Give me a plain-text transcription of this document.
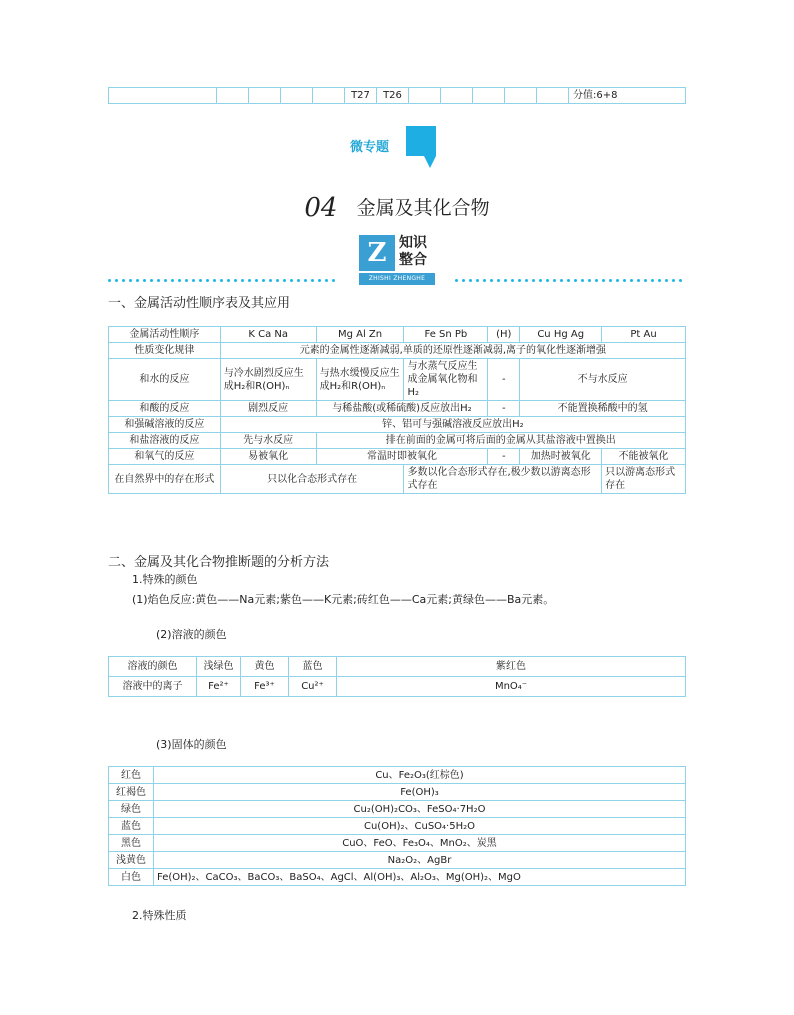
					T27	T26						分值:6+8
微专题
04 金属及其化合物
Z 知识
整合
ZHISHI ZHENGHE
一、金属活动性顺序表及其应用
金属活动性顺序	K Ca Na	Mg Al Zn	Fe Sn Pb	(H)	Cu Hg Ag	Pt Au
性质变化规律	元素的金属性逐渐减弱,单质的还原性逐渐减弱,离子的氧化性逐渐增强					
和水的反应	与冷水剧烈反应生成H₂和R(OH)ₙ	与热水缓慢反应生成H₂和R(OH)ₙ	与水蒸气反应生成金属氧化物和H₂	-	不与水反应	
和酸的反应	剧烈反应	与稀盐酸(或稀硫酸)反应放出H₂		-	不能置换稀酸中的氢	
和强碱溶液的反应	锌、铝可与强碱溶液反应放出H₂					
和盐溶液的反应	先与水反应	排在前面的金属可将后面的金属从其盐溶液中置换出				
和氧气的反应	易被氧化	常温时即被氧化		-	加热时被氧化	不能被氧化
在自然界中的存在形式	只以化合态形式存在		多数以化合态形式存在,极少数以游离态形式存在			只以游离态形式存在
二、金属及其化合物推断题的分析方法
1.特殊的颜色
(1)焰色反应:黄色——Na元素;紫色——K元素;砖红色——Ca元素;黄绿色——Ba元素。
(2)溶液的颜色
溶液的颜色	浅绿色	黄色	蓝色	紫红色
溶液中的离子	Fe²⁺	Fe³⁺	Cu²⁺	MnO₄⁻
(3)固体的颜色
红色	Cu、Fe₂O₃(红棕色)
红褐色	Fe(OH)₃
绿色	Cu₂(OH)₂CO₃、FeSO₄·7H₂O
蓝色	Cu(OH)₂、CuSO₄·5H₂O
黑色	CuO、FeO、Fe₃O₄、MnO₂、炭黑
浅黄色	Na₂O₂、AgBr
白色	Fe(OH)₂、CaCO₃、BaCO₃、BaSO₄、AgCl、Al(OH)₃、Al₂O₃、Mg(OH)₂、MgO
2.特殊性质
